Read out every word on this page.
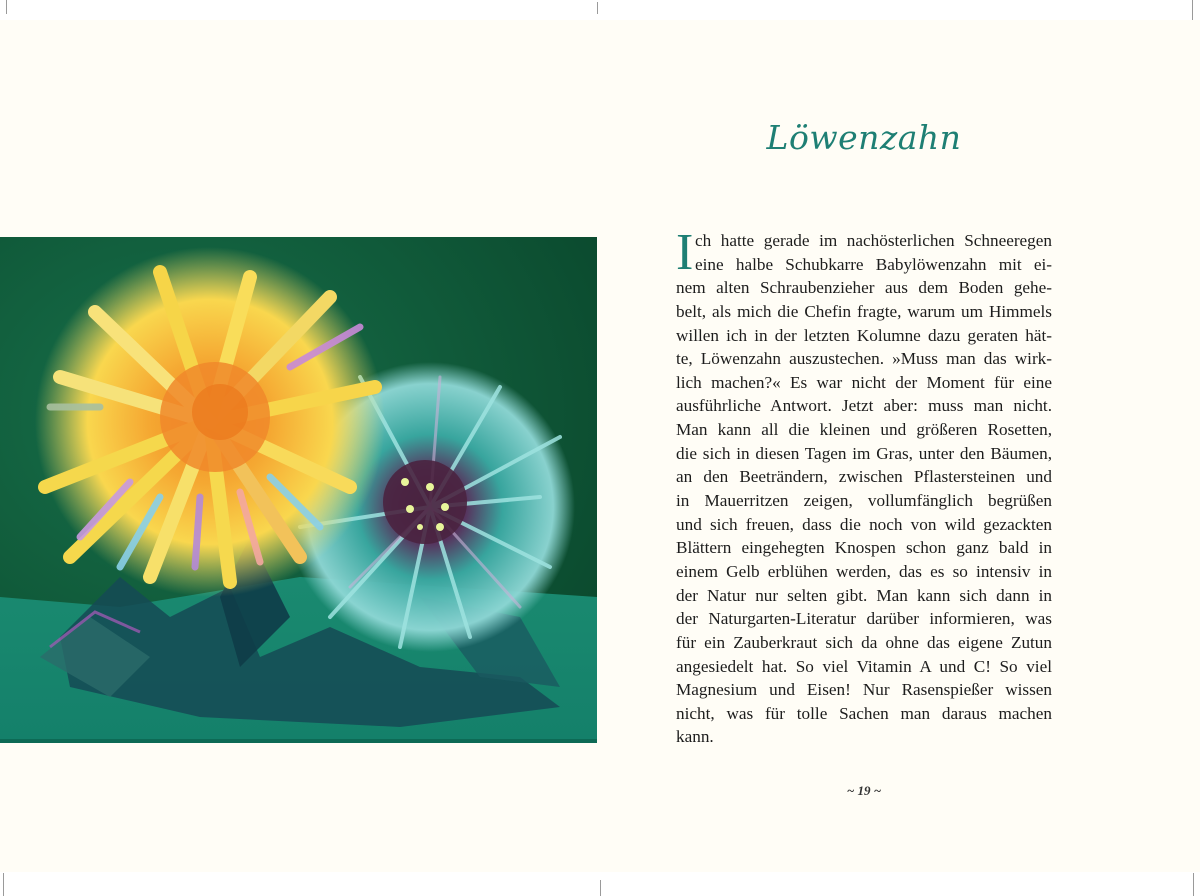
Löwenzahn
I ch hatte gerade im nachösterlichen Schneeregen
eine halbe Schubkarre Babylöwenzahn mit ei-
nem alten Schraubenzieher aus dem Boden gehe-
belt, als mich die Chefin fragte, warum um Himmels
willen ich in der letzten Kolumne dazu geraten hät-
te, Löwenzahn auszustechen. »Muss man das wirk-
lich machen?« Es war nicht der Moment für eine
ausführliche Antwort. Jetzt aber: muss man nicht.
Man kann all die kleinen und größeren Rosetten,
die sich in diesen Tagen im Gras, unter den Bäumen,
an den Beeträndern, zwischen Pflastersteinen und
in Mauerritzen zeigen, vollumfänglich begrüßen
und sich freuen, dass die noch von wild gezackten
Blättern eingehegten Knospen schon ganz bald in
einem Gelb erblühen werden, das es so intensiv in
der Natur nur selten gibt. Man kann sich dann in
der Naturgarten-Literatur darüber informieren, was
für ein Zauberkraut sich da ohne das eigene Zutun
angesiedelt hat. So viel Vitamin A und C! So viel
Magnesium und Eisen! Nur Rasenspießer wissen
nicht, was für tolle Sachen man daraus machen
kann.
~ 19 ~
